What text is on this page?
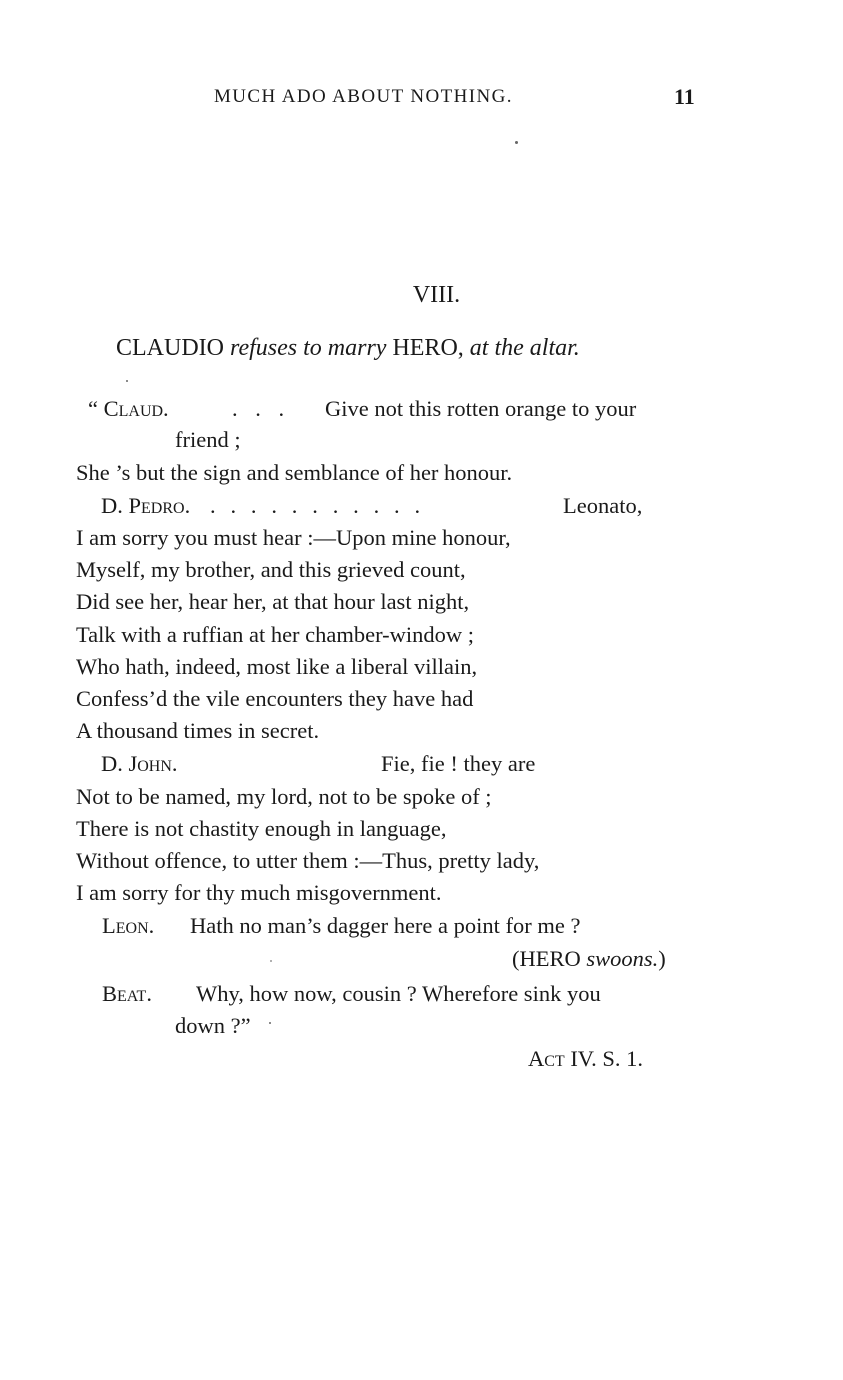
MUCH ADO ABOUT NOTHING.	11
VIII.
CLAUDIO refuses to marry HERO, at the altar.
“ Claud.	. . . Give not this rotten orange to your
friend ;
She ’s but the sign and semblance of her honour.
D. Pedro. . . . . . . . . . . .	Leonato,
I am sorry you must hear :—Upon mine honour,
Myself, my brother, and this grieved count,
Did see her, hear her, at that hour last night,
Talk with a ruffian at her chamber-window ;
Who hath, indeed, most like a liberal villain,
Confess’d the vile encounters they have had
A thousand times in secret.
D. John.	Fie, fie ! they are
Not to be named, my lord, not to be spoke of ;
There is not chastity enough in language,
Without offence, to utter them :—Thus, pretty lady,
I am sorry for thy much misgovernment.
Leon. Hath no man’s dagger here a point for me ?
(HERO swoons.)
Beat. Why, how now, cousin ? Wherefore sink you
down ?”
Act IV. S. 1.
